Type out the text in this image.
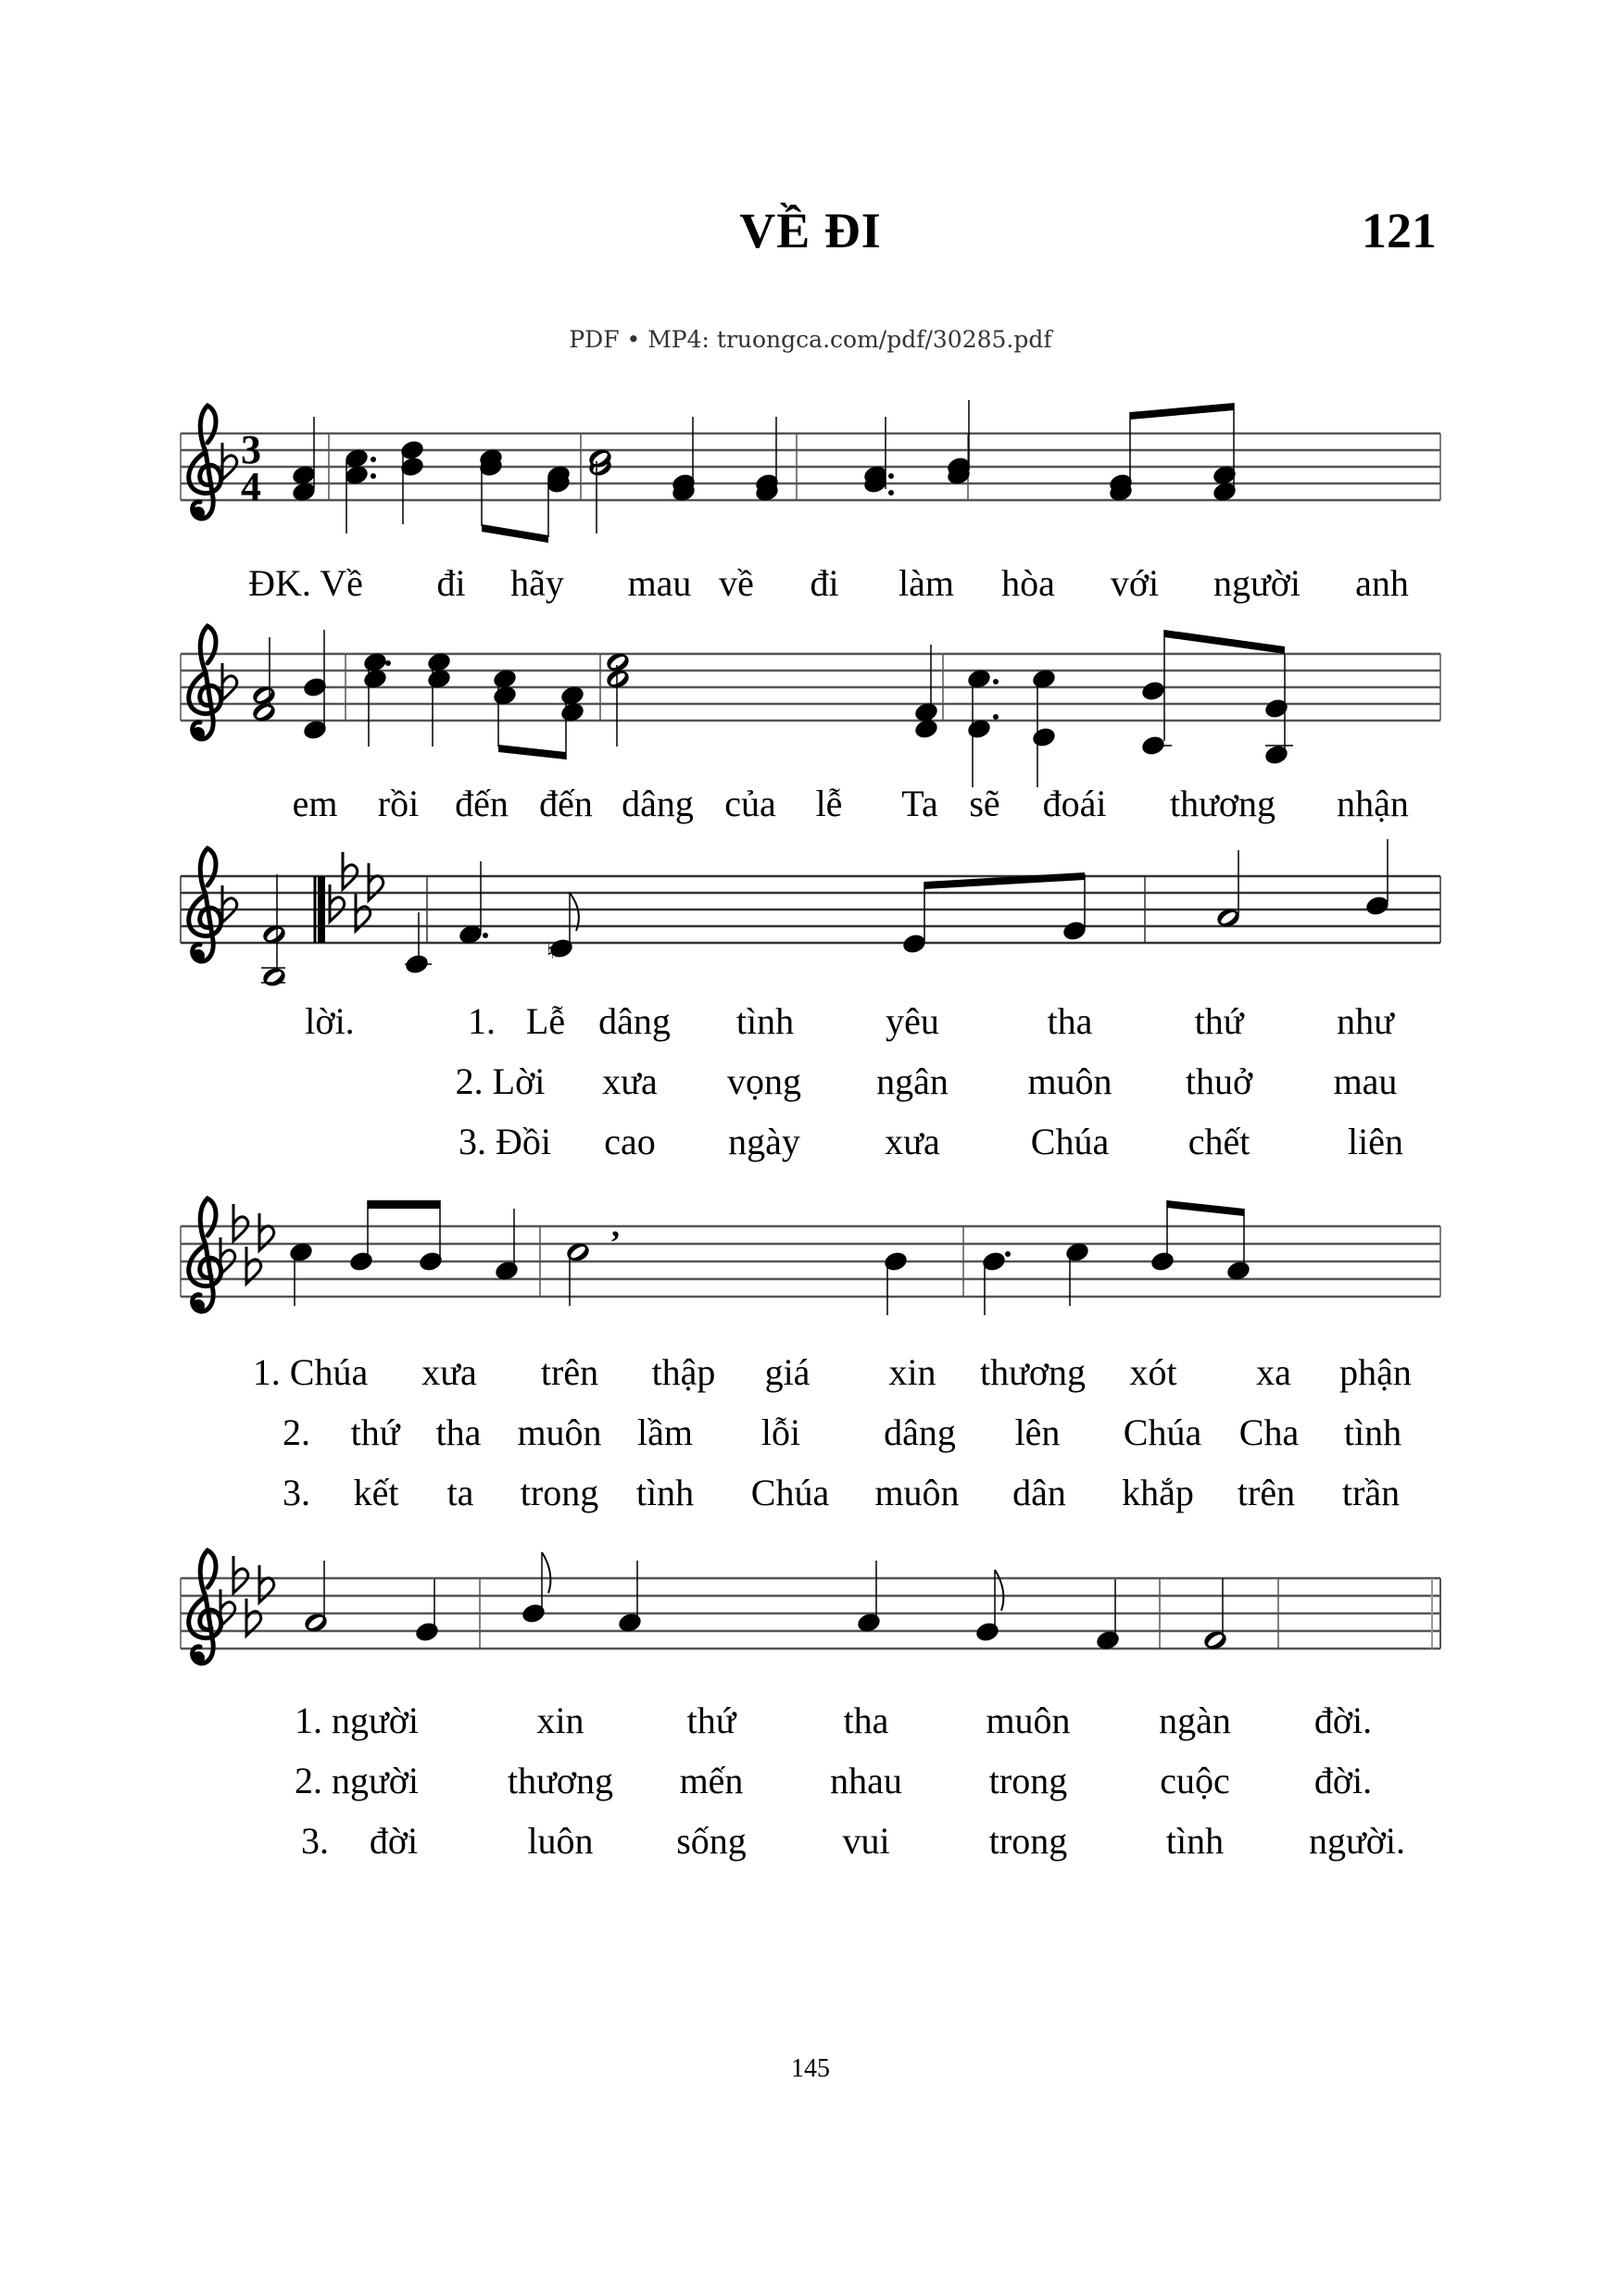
VỀ ĐI	121
PDF • MP4: truongca.com/pdf/30285.pdf
3
4
♮
,
ĐK. Về đi hãy mau về đi làm hòa với người anh
em rồi đến đến dâng của lễ Ta sẽ đoái thương nhận
lời.	1. Lễ dâng tình yêu	tha	thứ	như
2. Lời xưa vọng ngân muôn thuở mau
3. Đồi cao ngày xưa Chúa chết	liên
1. Chúa xưa trên thập giá xin thương xót xa phận
2. thứ tha muôn lầm lỗi dâng lên Chúa Cha tình
3. kết ta trong tình Chúa muôn dân khắp trên trần
1. người	xin	thứ	tha	muôn ngàn đời.
2. người thương mến nhau trong	cuộc đời.
3. đời	luôn sống	vui	trong	tình người.
145
